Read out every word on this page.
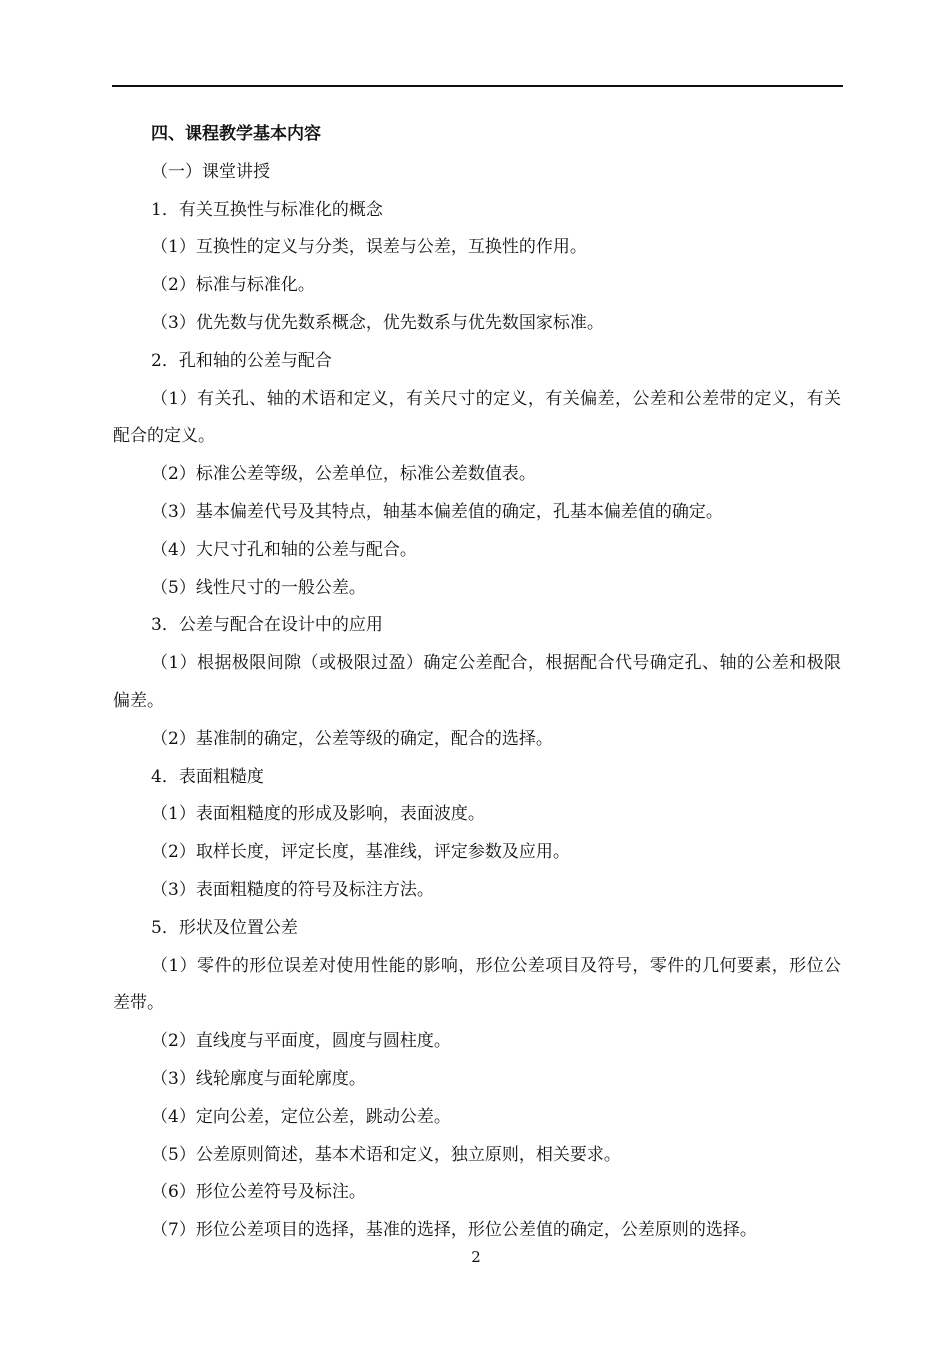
四、课程教学基本内容
（一）课堂讲授
1．有关互换性与标准化的概念
（1）互换性的定义与分类，误差与公差，互换性的作用。
（2）标准与标准化。
（3）优先数与优先数系概念，优先数系与优先数国家标准。
2．孔和轴的公差与配合
（1）有关孔、轴的术语和定义，有关尺寸的定义，有关偏差，公差和公差带的定义，有关配合的定义。
（2）标准公差等级，公差单位，标准公差数值表。
（3）基本偏差代号及其特点，轴基本偏差值的确定，孔基本偏差值的确定。
（4）大尺寸孔和轴的公差与配合。
（5）线性尺寸的一般公差。
3．公差与配合在设计中的应用
（1）根据极限间隙（或极限过盈）确定公差配合，根据配合代号确定孔、轴的公差和极限偏差。
（2）基准制的确定，公差等级的确定，配合的选择。
4．表面粗糙度
（1）表面粗糙度的形成及影响，表面波度。
（2）取样长度，评定长度，基准线，评定参数及应用。
（3）表面粗糙度的符号及标注方法。
5．形状及位置公差
（1）零件的形位误差对使用性能的影响，形位公差项目及符号，零件的几何要素，形位公差带。
（2）直线度与平面度，圆度与圆柱度。
（3）线轮廓度与面轮廓度。
（4）定向公差，定位公差，跳动公差。
（5）公差原则简述，基本术语和定义，独立原则，相关要求。
（6）形位公差符号及标注。
（7）形位公差项目的选择，基准的选择，形位公差值的确定，公差原则的选择。
2
